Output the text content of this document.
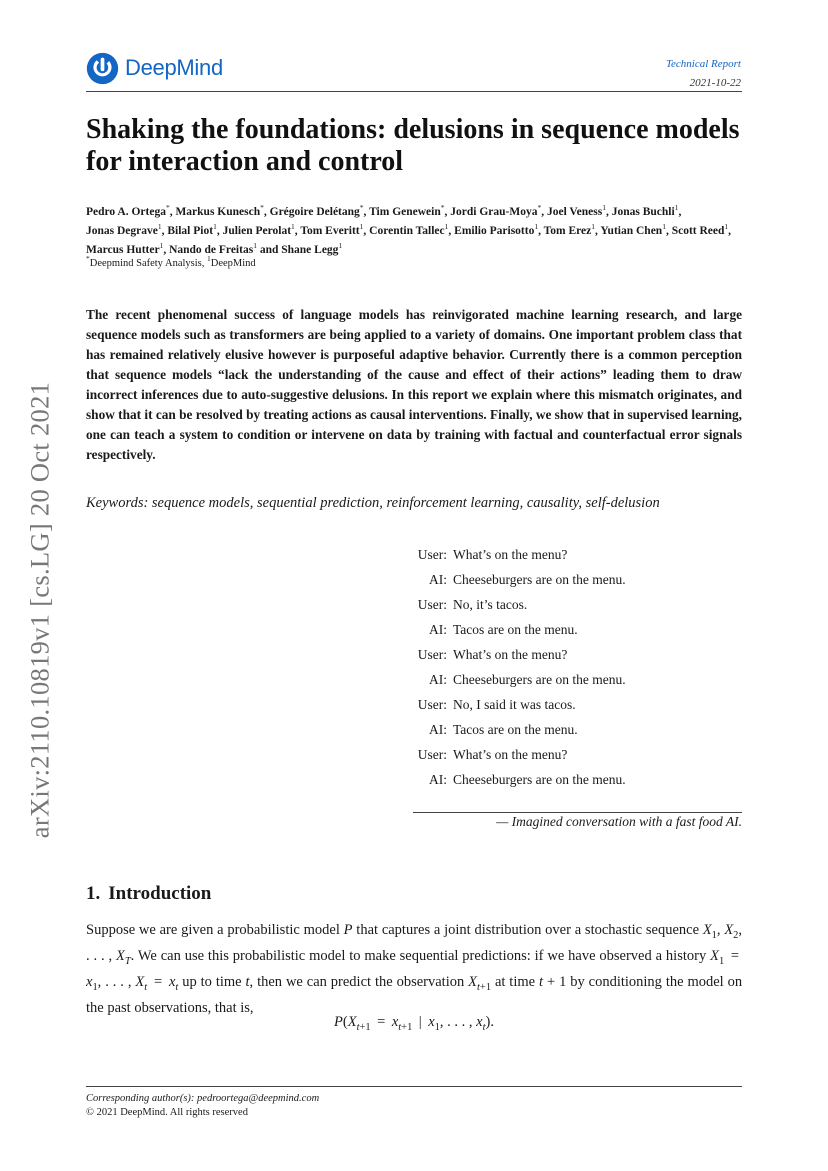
DeepMind	Technical Report
2021-10-22
arXiv:2110.10819v1 [cs.LG] 20 Oct 2021
Shaking the foundations: delusions in sequence models for interaction and control
Pedro A. Ortega*, Markus Kunesch*, Grégoire Delétang*, Tim Genewein*, Jordi Grau-Moya*, Joel Veness$^1$, Jonas Buchli$^1$, Jonas Degrave$^1$, Bilal Piot$^1$, Julien Perolat$^1$, Tom Everitt$^1$, Corentin Tallec$^1$, Emilio Parisotto$^1$, Tom Erez$^1$, Yutian Chen$^1$, Scott Reed$^1$, Marcus Hutter$^1$, Nando de Freitas$^1$ and Shane Legg$^1$
*Deepmind Safety Analysis, $^1$DeepMind

The recent phenomenal success of language models has reinvigorated machine learning research, and large sequence models such as transformers are being applied to a variety of domains. One important problem class that has remained relatively elusive however is purposeful adaptive behavior. Currently there is a common perception that sequence models “lack the understanding of the cause and effect of their actions” leading them to draw incorrect inferences due to auto-suggestive delusions. In this report we explain where this mismatch originates, and show that it can be resolved by treating actions as causal interventions. Finally, we show that in supervised learning, one can teach a system to condition or intervene on data by training with factual and counterfactual error signals respectively.

Keywords: sequence models, sequential prediction, reinforcement learning, causality, self-delusion

User: What’s on the menu?
AI: Cheeseburgers are on the menu.
User: No, it’s tacos.
AI: Tacos are on the menu.
User: What’s on the menu?
AI: Cheeseburgers are on the menu.
User: No, I said it was tacos.
AI: Tacos are on the menu.
User: What’s on the menu?
AI: Cheeseburgers are on the menu.
— Imagined conversation with a fast food AI.
1. Introduction

Suppose we are given a probabilistic model P that captures a joint distribution over a stochastic sequence $X_1$, $X_2$, . . . , $X_T$. We can use this probabilistic model to make sequential predictions: if we have observed a history $X_1 = x_1$, . . . , $X_t = x_t$ up to time t, then we can predict the observation $X_{t+1}$ at time t + 1 by conditioning the model on the past observations, that is,

$P(X_{t+1} = x_{t+1}$  |  $x_1$, . . . , $x_t$).
Corresponding author(s): pedroortega@deepmind.com
© 2021 DeepMind. All rights reserved
